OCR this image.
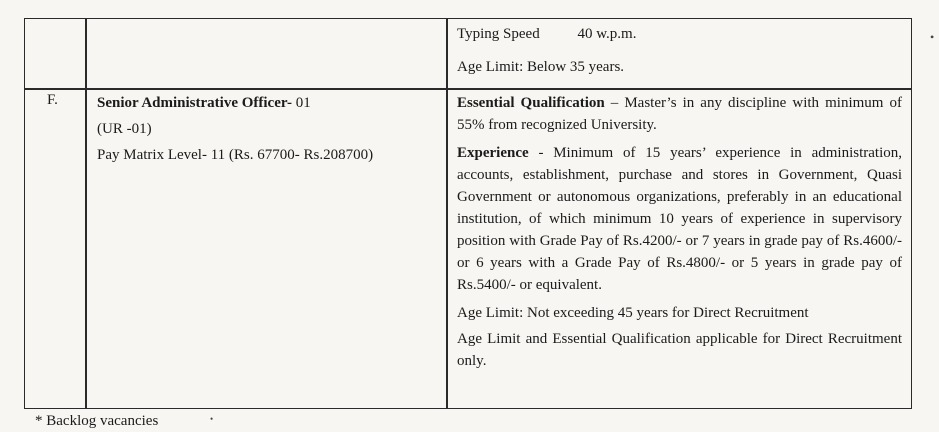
Typing Speed	40 w.p.m.
Age Limit: Below 35 years.
F.	Senior Administrative Officer- 01
(UR -01)
Pay Matrix Level- 11 (Rs. 67700- Rs.208700)
Essential Qualification – Master’s in any discipline with minimum of 55% from recognized University.
Experience - Minimum of 15 years’ experience in administration, accounts, establishment, purchase and stores in Government, Quasi Government or autonomous organizations, preferably in an educational institution, of which minimum 10 years of experience in supervisory position with Grade Pay of Rs.4200/- or 7 years in grade pay of Rs.4600/- or 6 years with a Grade Pay of Rs.4800/- or 5 years in grade pay of Rs.5400/- or equivalent.
Age Limit: Not exceeding 45 years for Direct Recruitment
Age Limit and Essential Qualification applicable for Direct Recruitment only.
* Backlog vacancies
•
•
